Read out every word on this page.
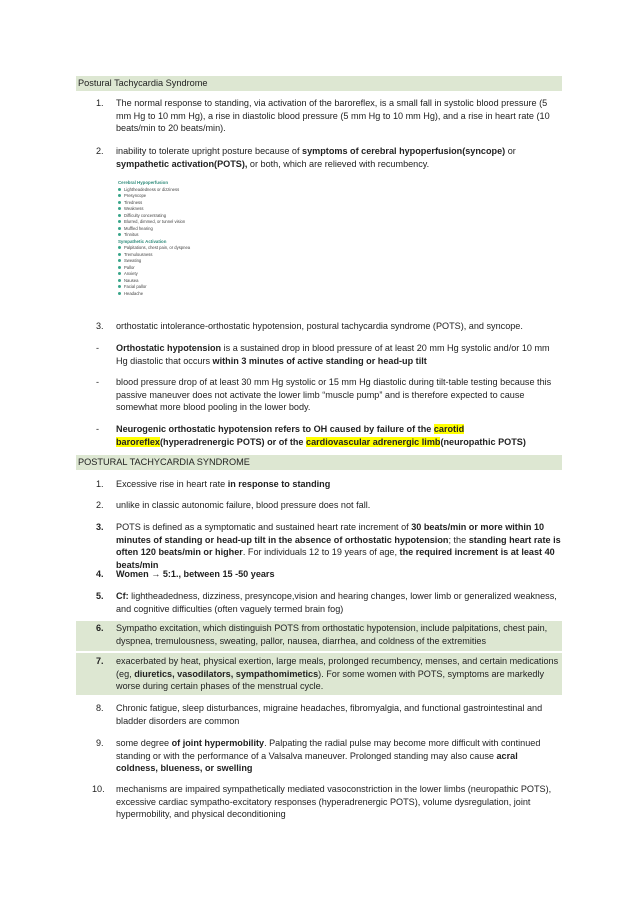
Postural Tachycardia Syndrome
1. The normal response to standing, via activation of the baroreflex, is a small fall in systolic blood pressure (5 mm Hg to 10 mm Hg), a rise in diastolic blood pressure (5 mm Hg to 10 mm Hg), and a rise in heart rate (10 beats/min to 20 beats/min).
2. inability to tolerate upright posture because of symptoms of cerebral hypoperfusion(syncope) or sympathetic activation(POTS), or both, which are relieved with recumbency.
Cerebral Hypoperfusion
Lightheadedness or dizziness
Presyncope
Tiredness
Weakness
Difficulty concentrating
Blurred, dimmed, or tunnel vision
Muffled hearing
Tinnitus
Sympathetic Activation
Palpitations, chest pain, or dyspnea
Tremulousness
Sweating
Pallor
Anxiety
Nausea
Facial pallor
Headache
3. orthostatic intolerance-orthostatic hypotension, postural tachycardia syndrome (POTS), and syncope.
- Orthostatic hypotension is a sustained drop in blood pressure of at least 20 mm Hg systolic and/or 10 mm Hg diastolic that occurs within 3 minutes of active standing or head-up tilt
- blood pressure drop of at least 30 mm Hg systolic or 15 mm Hg diastolic during tilt-table testing because this passive maneuver does not activate the lower limb “muscle pump” and is therefore expected to cause somewhat more blood pooling in the lower body.
- Neurogenic orthostatic hypotension refers to OH caused by failure of the carotid baroreflex(hyperadrenergic POTS) or of the cardiovascular adrenergic limb(neuropathic POTS)
POSTURAL TACHYCARDIA SYNDROME
1. Excessive rise in heart rate in response to standing
2. unlike in classic autonomic failure, blood pressure does not fall.
3. POTS is defined as a symptomatic and sustained heart rate increment of 30 beats/min or more within 10 minutes of standing or head-up tilt in the absence of orthostatic hypotension; the standing heart rate is often 120 beats/min or higher. For individuals 12 to 19 years of age, the required increment is at least 40 beats/min
4. Women → 5:1., between 15 -50 years
5. Cf: lightheadedness, dizziness, presyncope,vision and hearing changes, lower limb or generalized weakness, and cognitive difficulties (often vaguely termed brain fog)
6. Sympatho excitation, which distinguish POTS from orthostatic hypotension, include palpitations, chest pain, dyspnea, tremulousness, sweating, pallor, nausea, diarrhea, and coldness of the extremities
7. exacerbated by heat, physical exertion, large meals, prolonged recumbency, menses, and certain medications (eg, diuretics, vasodilators, sympathomimetics). For some women with POTS, symptoms are markedly worse during certain phases of the menstrual cycle.
8. Chronic fatigue, sleep disturbances, migraine headaches, fibromyalgia, and functional gastrointestinal and bladder disorders are common
9. some degree of joint hypermobility. Palpating the radial pulse may become more difficult with continued standing or with the performance of a Valsalva maneuver. Prolonged standing may also cause acral coldness, blueness, or swelling
10. mechanisms are impaired sympathetically mediated vasoconstriction in the lower limbs (neuropathic POTS), excessive cardiac sympatho-excitatory responses (hyperadrenergic POTS), volume dysregulation, joint hypermobility, and physical deconditioning
